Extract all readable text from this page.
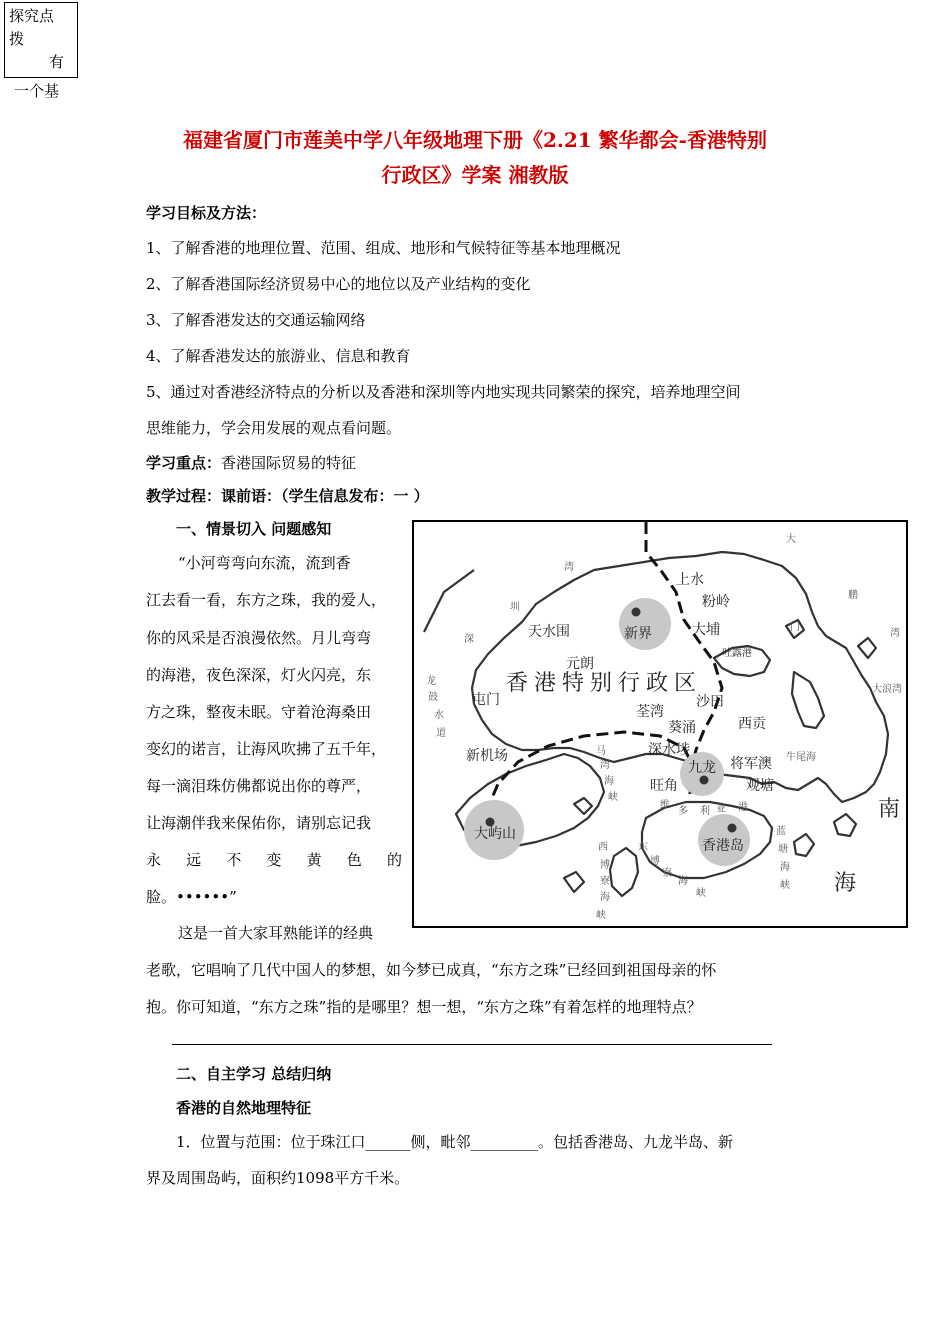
探究点
拨
有
一个基
福建省厦门市莲美中学八年级地理下册《2.21 繁华都会-香港特别
行政区》学案 湘教版
学习目标及方法：
1、了解香港的地理位置、范围、组成、地形和气候特征等基本地理概况
2、了解香港国际经济贸易中心的地位以及产业结构的变化
3、了解香港发达的交通运输网络
4、了解香港发达的旅游业、信息和教育
5、通过对香港经济特点的分析以及香港和深圳等内地实现共同繁荣的探究，培养地理空间
思维能力，学会用发展的观点看问题。
学习重点：香港国际贸易的特征
教学过程：课前语：（学生信息发布：一 ）
一、情景切入 问题感知
“小河弯弯向东流，流到香
江去看一看，东方之珠，我的爱人，
你的风采是否浪漫依然。月儿弯弯
的海港，夜色深深，灯火闪亮，东
方之珠，整夜未眠。守着沧海桑田
变幻的诺言，让海风吹拂了五千年，
每一滴泪珠仿佛都说出你的尊严，
让海潮伴我来保佑你，请别忘记我
永 远 不 变 黄 色 的
脸。••••••”
这是一首大家耳熟能详的经典
老歌，它唱响了几代中国人的梦想，如今梦已成真，“东方之珠”已经回到祖国母亲的怀
抱。你可知道，“东方之珠”指的是哪里？想一想，“东方之珠”有着怎样的地理特点？
二、自主学习 总结归纳
香港的自然地理特征
1．位置与范围：位于珠江口______侧，毗邻_________。包括香港岛、九龙半岛、新
界及周围岛屿，面积约1098平方千米。
香港特别行政区
南
海
新界
九龙
香港岛
大屿山
上水
粉岭
天水围	大埔
元朗
屯门	沙田
荃湾
葵涌
深水埗
西贡
新机场	将军澳
观塘
旺角
吐露港
湾
圳
深
龙
鼓
水
道
大
鹏
湾
大浪湾
门
马
湾
海
峡
牛尾海
维
多 利 亚 港
西
博
寮
海
峡
东
博
寮
海
峡
蓝
塘
海
峡
